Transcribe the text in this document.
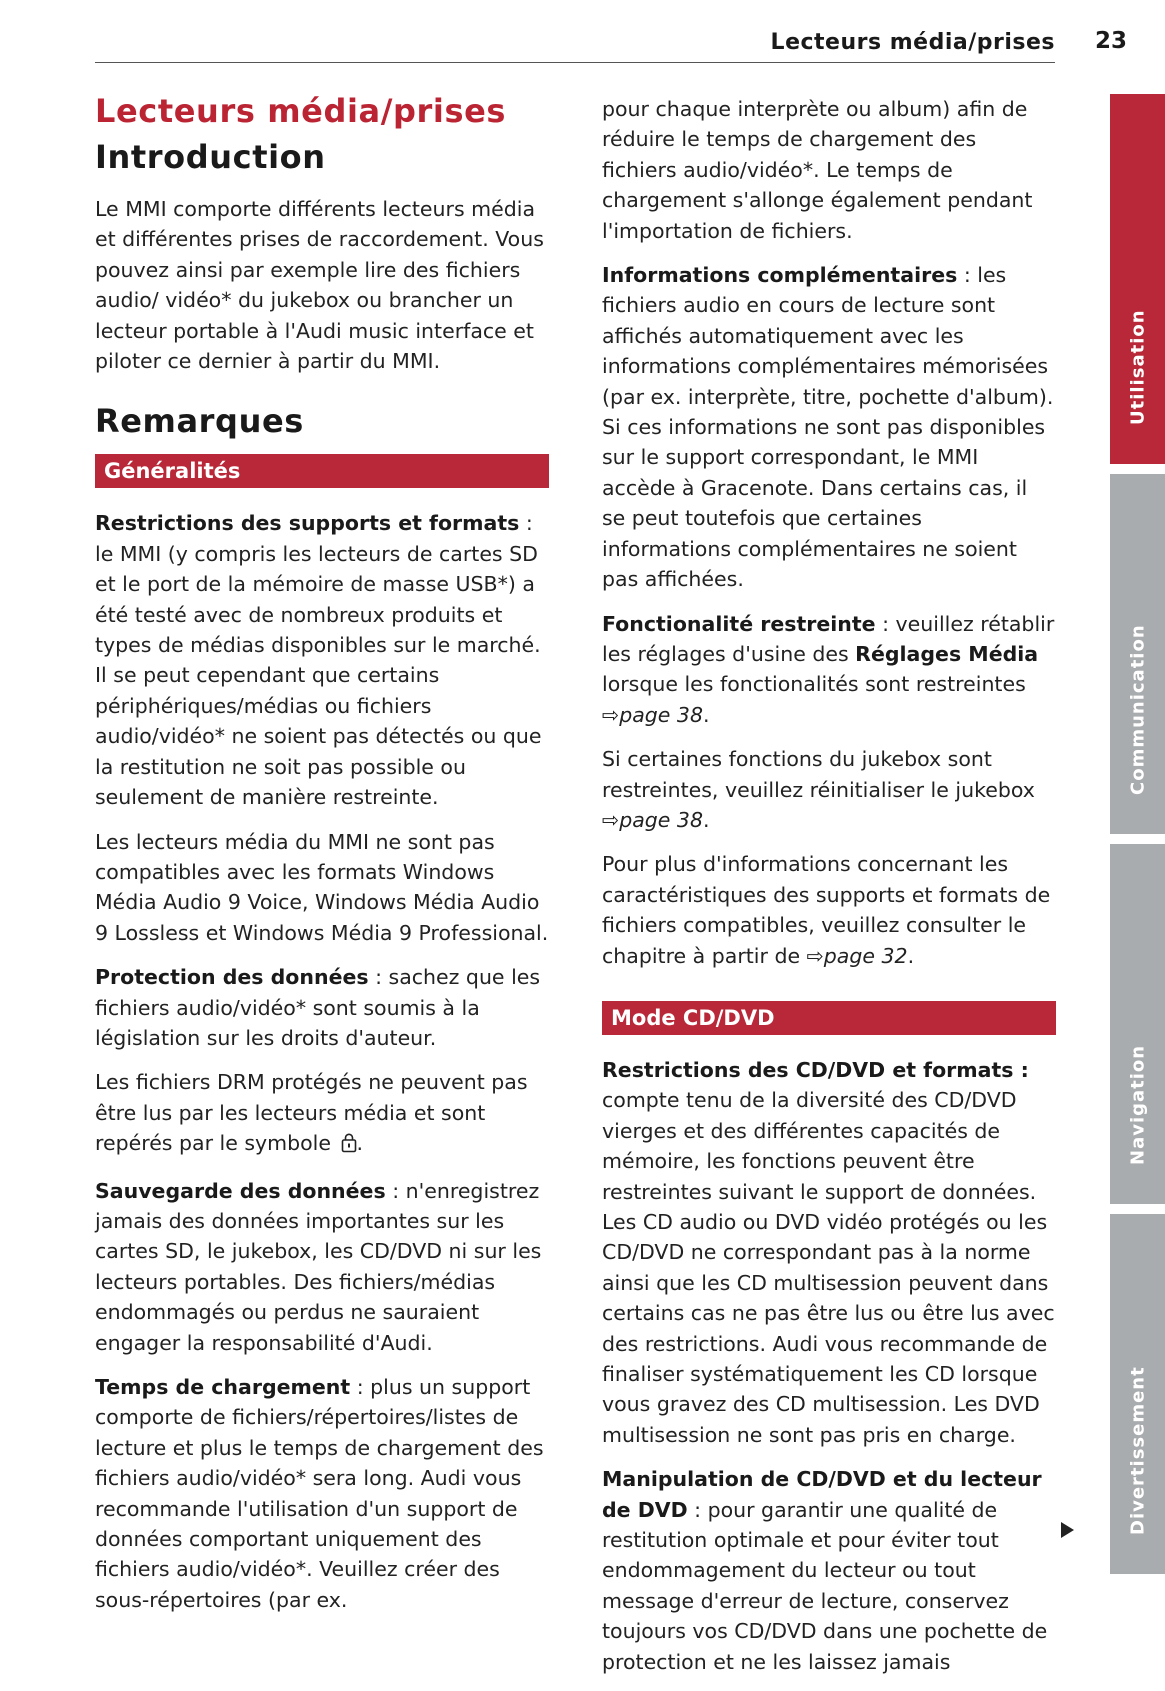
Lecteurs média/prises 23
Lecteurs média/prises
Introduction

Le MMI comporte différents lecteurs média et différentes prises de raccordement. Vous pouvez ainsi par exemple lire des fichiers audio/ vidéo* du jukebox ou brancher un lecteur portable à l'Audi music interface et piloter ce dernier à partir du MMI.

Remarques
Généralités

Restrictions des supports et formats : le MMI (y compris les lecteurs de cartes SD et le port de la mémoire de masse USB*) a été testé avec de nombreux produits et types de médias disponibles sur le marché. Il se peut cependant que certains périphériques/médias ou fichiers audio/vidéo* ne soient pas détectés ou que la restitution ne soit pas possible ou seulement de manière restreinte.

Les lecteurs média du MMI ne sont pas compatibles avec les formats Windows Média Audio 9 Voice, Windows Média Audio 9 Lossless et Windows Média 9 Professional.

Protection des données : sachez que les fichiers audio/vidéo* sont soumis à la législation sur les droits d'auteur.

Les fichiers DRM protégés ne peuvent pas être lus par les lecteurs média et sont repérés par le symbole .

Sauvegarde des données : n'enregistrez jamais des données importantes sur les cartes SD, le jukebox, les CD/DVD ni sur les lecteurs portables. Des fichiers/médias endommagés ou perdus ne sauraient engager la responsabilité d'Audi.

Temps de chargement : plus un support comporte de fichiers/répertoires/listes de lecture et plus le temps de chargement des fichiers audio/vidéo* sera long. Audi vous recommande l'utilisation d'un support de données comportant uniquement des fichiers audio/vidéo*. Veuillez créer des sous-répertoires (par ex.

pour chaque interprète ou album) afin de réduire le temps de chargement des fichiers audio/vidéo*. Le temps de chargement s'allonge également pendant l'importation de fichiers.

Informations complémentaires : les fichiers audio en cours de lecture sont affichés automatiquement avec les informations complémentaires mémorisées (par ex. interprète, titre, pochette d'album). Si ces informations ne sont pas disponibles sur le support correspondant, le MMI accède à Gracenote. Dans certains cas, il se peut toutefois que certaines informations complémentaires ne soient pas affichées.

Fonctionalité restreinte : veuillez rétablir les réglages d'usine des Réglages Média lorsque les fonctionalités sont restreintes ⇨page 38.

Si certaines fonctions du jukebox sont restreintes, veuillez réinitialiser le jukebox ⇨page 38.

Pour plus d'informations concernant les caractéristiques des supports et formats de fichiers compatibles, veuillez consulter le chapitre à partir de ⇨page 32.

Mode CD/DVD

Restrictions des CD/DVD et formats : compte tenu de la diversité des CD/DVD vierges et des différentes capacités de mémoire, les fonctions peuvent être restreintes suivant le support de données. Les CD audio ou DVD vidéo protégés ou les CD/DVD ne correspondant pas à la norme ainsi que les CD multisession peuvent dans certains cas ne pas être lus ou être lus avec des restrictions. Audi vous recommande de finaliser systématiquement les CD lorsque vous gravez des CD multisession. Les DVD multisession ne sont pas pris en charge.

Manipulation de CD/DVD et du lecteur de DVD : pour garantir une qualité de restitution optimale et pour éviter tout endommagement du lecteur ou tout message d'erreur de lecture, conservez toujours vos CD/DVD dans une pochette de protection et ne les laissez jamais

Utilisation
Communication
Navigation
Divertissement
